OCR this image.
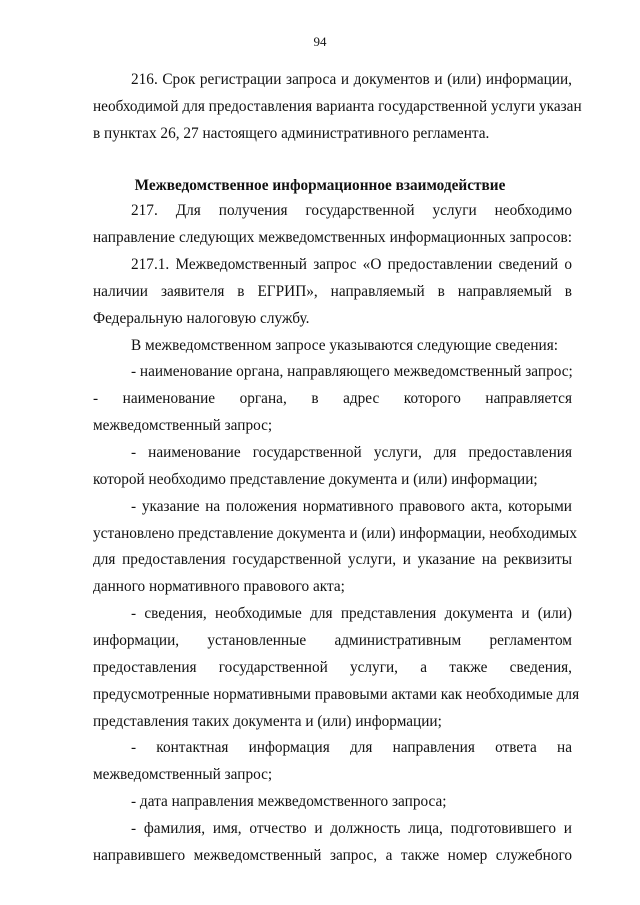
94
216. Срок регистрации запроса и документов и (или) информации,
необходимой для предоставления варианта государственной услуги указан
в пунктах 26, 27 настоящего административного регламента.
Межведомственное информационное взаимодействие
217. Для получения государственной услуги необходимо
направление следующих межведомственных информационных запросов:
217.1. Межведомственный запрос «О предоставлении сведений о
наличии заявителя в ЕГРИП», направляемый в направляемый в
Федеральную налоговую службу.
В межведомственном запросе указываются следующие сведения:
- наименование органа, направляющего межведомственный запрос;
- наименование органа, в адрес которого направляется
межведомственный запрос;
- наименование государственной услуги, для предоставления
которой необходимо представление документа и (или) информации;
- указание на положения нормативного правового акта, которыми
установлено представление документа и (или) информации, необходимых
для предоставления государственной услуги, и указание на реквизиты
данного нормативного правового акта;
- сведения, необходимые для представления документа и (или)
информации, установленные административным регламентом
предоставления государственной услуги, а также сведения,
предусмотренные нормативными правовыми актами как необходимые для
представления таких документа и (или) информации;
- контактная информация для направления ответа на
межведомственный запрос;
- дата направления межведомственного запроса;
- фамилия, имя, отчество и должность лица, подготовившего и
направившего межведомственный запрос, а также номер служебного
